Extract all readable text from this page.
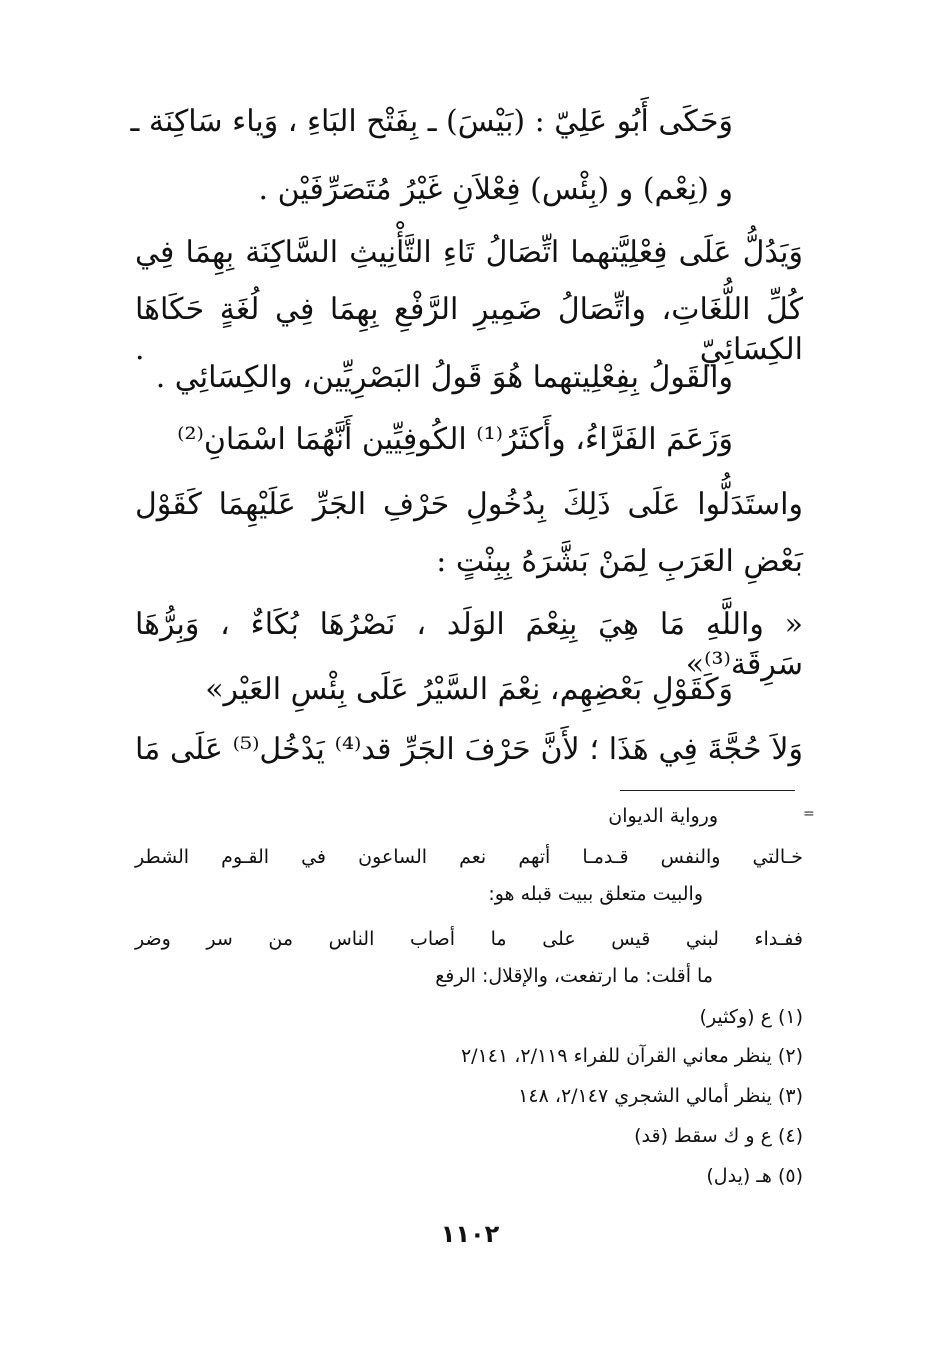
وَحَكَى أَبُو عَلِيّ : (بَيْسَ) ـ بِفَتْح البَاءِ ، وَياء سَاكِنَة ـ
و (نِعْم) و (بِئْس) فِعْلاَنِ غَيْرُ مُتَصَرِّفَيْن .
وَيَدُلُّ عَلَى فِعْلِيَّتهما اتِّصَالُ تَاءِ التَّأْنِيثِ السَّاكِنَة بِهِمَا فِي
كُلِّ اللُّغَاتِ، واتِّصَالُ ضَمِيرِ الرَّفْعِ بِهِمَا فِي لُغَةٍ حَكَاهَا الكِسَائِيّ .
والقَولُ بِفِعْلِيتهما هُوَ قَولُ البَصْرِيِّين، والكِسَائِي .
وَزَعَمَ الفَرَّاءُ، وأَكثَرُ⁽¹⁾ الكُوفِيِّين أَنَّهُمَا اسْمَانِ⁽²⁾
واستَدَلُّوا عَلَى ذَلِكَ بِدُخُولِ حَرْفِ الجَرِّ عَلَيْهِمَا كَقَوْل
بَعْضِ العَرَبِ لِمَنْ بَشَّرَهُ بِبِنْتٍ :
« واللَّهِ مَا هِيَ بِنِعْمَ الوَلَد ، نَصْرُهَا بُكَاءٌ ، وَبِرُّهَا سَرِقَة⁽³⁾»
وَكَقَوْلِ بَعْضِهِم، نِعْمَ السَّيْرُ عَلَى بِئْسِ العَيْر»
وَلاَ حُجَّةَ فِي هَذَا ؛ لأَنَّ حَرْفَ الجَرِّ قد⁽⁴⁾ يَدْخُل⁽⁵⁾ عَلَى مَا
=
ورواية الديوان
خـالتي والنفس قـدمـا أتهم نعم الساعون في القـوم الشطر
والبيت متعلق ببيت قبله هو:
ففـداء لبني قيس على ما أصاب الناس من سر وضر
ما أقلت: ما ارتفعت، والإقلال: الرفع
(١) ع (وكثير)
(٢) ينظر معاني القرآن للفراء ٢/١١٩، ٢/١٤١
(٣) ينظر أمالي الشجري ٢/١٤٧، ١٤٨
(٤) ع و ك سقط (قد)
(٥) هـ (يدل)
١١٠٢
